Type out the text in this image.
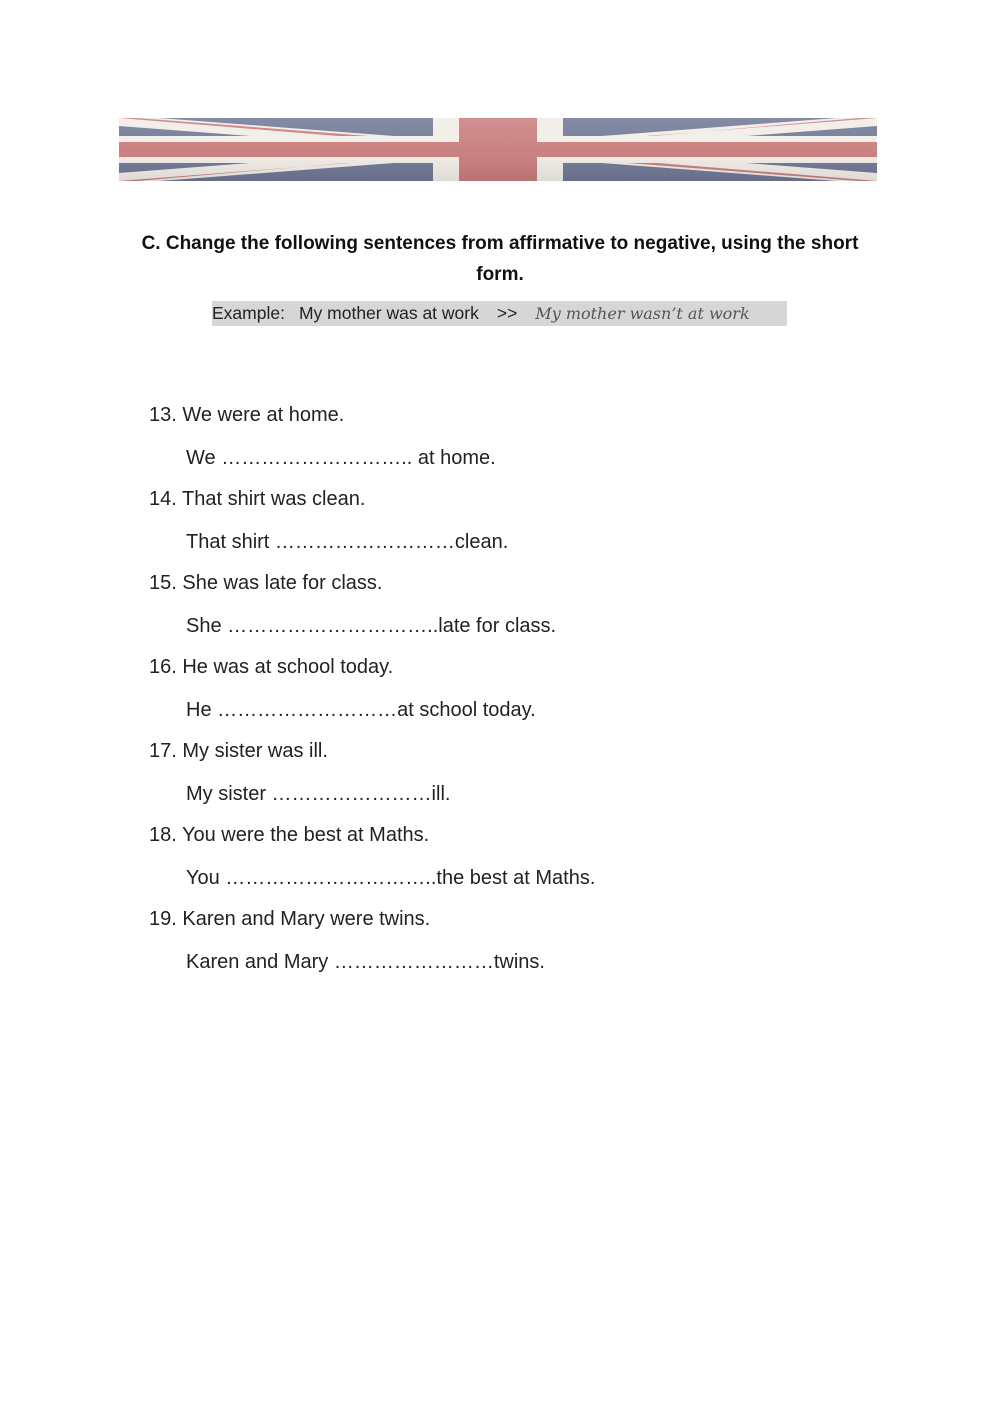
C. Change the following sentences from affirmative to negative, using the short form.
Example: My mother was at work >> My mother wasn’t at work
13. We were at home.
We ……………………….. at home.
14. That shirt was clean.
That shirt ………………………clean.
15. She was late for class.
She …………………………..late for class.
16. He was at school today.
He ………………………at school today.
17. My sister was ill.
My sister ……………………ill.
18. You were the best at Maths.
You …………………………..the best at Maths.
19. Karen and Mary were twins.
Karen and Mary ……………………twins.
